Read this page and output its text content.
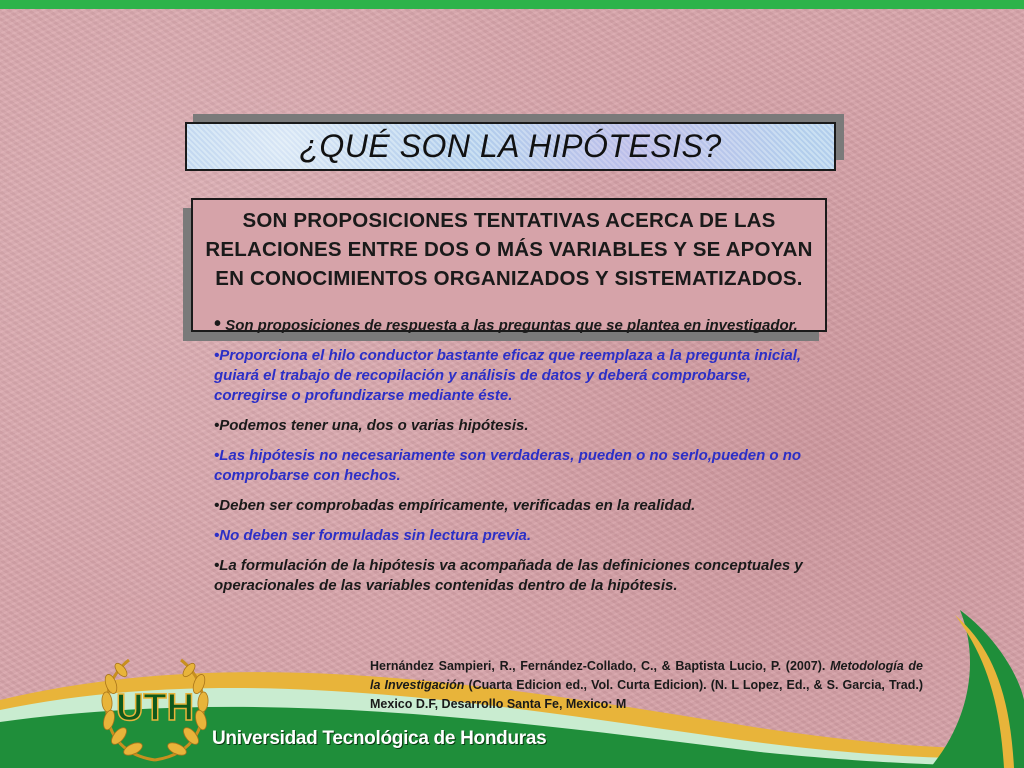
¿QUÉ SON LA HIPÓTESIS?
SON PROPOSICIONES TENTATIVAS ACERCA DE LAS RELACIONES ENTRE DOS O MÁS VARIABLES Y SE APOYAN EN CONOCIMIENTOS ORGANIZADOS Y SISTEMATIZADOS.
• Son proposiciones de respuesta a las preguntas que se plantea en investigador.
•Proporciona el hilo conductor bastante eficaz que reemplaza a la pregunta inicial, guiará el trabajo de recopilación y análisis de datos y deberá comprobarse, corregirse o profundizarse mediante éste.
•Podemos tener una, dos o varias hipótesis.
•Las hipótesis no necesariamente son verdaderas, pueden o no serlo,pueden o no comprobarse con hechos.
•Deben ser comprobadas empíricamente, verificadas en la realidad.
•No deben ser formuladas sin lectura previa.
•La formulación de la hipótesis va acompañada de las definiciones conceptuales y operacionales de las variables contenidas dentro de la hipótesis.
Hernández Sampieri, R., Fernández-Collado, C., & Baptista Lucio, P. (2007). Metodología de la Investigación (Cuarta Edicion ed., Vol. Curta Edicion). (N. L Lopez, Ed., & S. Garcia, Trad.) Mexico D.F, Desarrollo Santa Fe, Mexico: M
UTH
Universidad Tecnológica de Honduras
